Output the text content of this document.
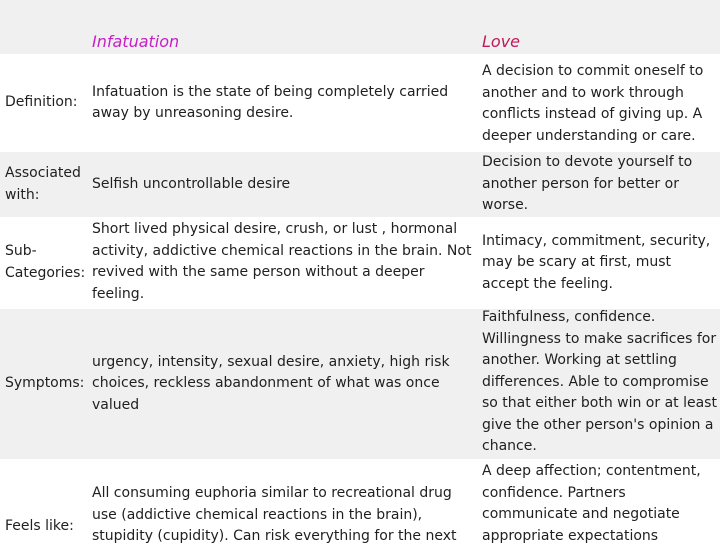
Infatuation	Love
Definition:
Infatuation is the state of being completely carried away by unreasoning desire.
A decision to commit oneself to another and to work through conflicts instead of giving up. A deeper understanding or care.
Associated with:
Selfish uncontrollable desire
Decision to devote yourself to another person for better or worse.
Sub-Categories:
Short lived physical desire, crush, or lust , hormonal activity, addictive chemical reactions in the brain. Not revived with the same person without a deeper feeling.
Intimacy, commitment, security, may be scary at first, must accept the feeling.
Symptoms:
urgency, intensity, sexual desire, anxiety, high risk choices, reckless abandonment of what was once valued
Faithfulness, confidence. Willingness to make sacrifices for another. Working at settling differences. Able to compromise so that either both win or at least give the other person's opinion a chance.
Feels like:
All consuming euphoria similar to recreational drug use (addictive chemical reactions in the brain), stupidity (cupidity). Can risk everything for the next
A deep affection; contentment, confidence. Partners communicate and negotiate appropriate expectations
